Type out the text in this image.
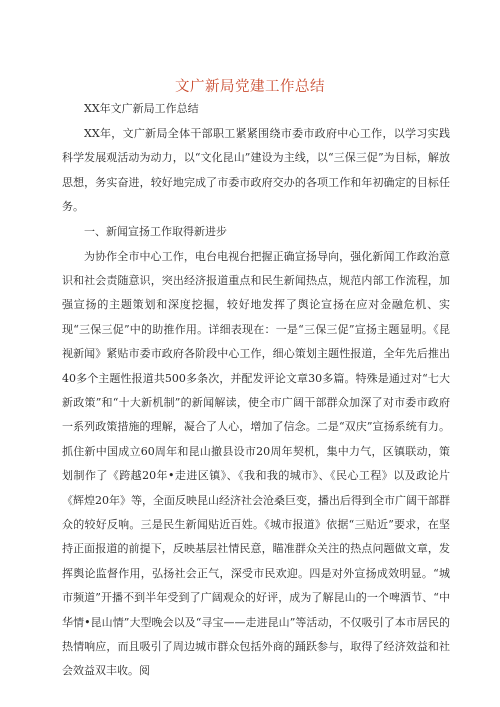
文广新局党建工作总结

XX年文广新局工作总结

XX年，文广新局全体干部职工紧紧围绕市委市政府中心工作，以学习实践科学发展观活动为动力，以“文化昆山”建设为主线，以“三保三促”为目标，解放思想，务实奋进，较好地完成了市委市政府交办的各项工作和年初确定的目标任务。

一、新闻宣扬工作取得新进步

为协作全市中心工作，电台电视台把握正确宣扬导向，强化新闻工作政治意识和社会责随意识，突出经济报道重点和民生新闻热点，规范内部工作流程，加强宣扬的主题策划和深度挖掘，较好地发挥了舆论宣扬在应对金融危机、实现“三保三促”中的助推作用。详细表现在：一是“三保三促”宣扬主题显明。《昆视新闻》紧贴市委市政府各阶段中心工作，细心策划主题性报道，全年先后推出40多个主题性报道共500多条次，并配发评论文章30多篇。特殊是通过对“七大新政策”和“十大新机制”的新闻解读，使全市广阔干部群众加深了对市委市政府一系列政策措施的理解，凝合了人心，增加了信念。二是“双庆”宣扬系统有力。抓住新中国成立60周年和昆山撤县设市20周年契机，集中力气，区镇联动，策划制作了《跨越20年•走进区镇》、《我和我的城市》、《民心工程》以及政论片《辉煌20年》等，全面反映昆山经济社会沧桑巨变，播出后得到全市广阔干部群众的较好反响。三是民生新闻贴近百姓。《城市报道》依据“三贴近”要求，在坚持正面报道的前提下，反映基层社情民意，瞄准群众关注的热点问题做文章，发挥舆论监督作用，弘扬社会正气，深受市民欢迎。四是对外宣扬成效明显。“城市频道”开播不到半年受到了广阔观众的好评，成为了解昆山的一个啤酒节、“中华情•昆山情”大型晚会以及“寻宝——走进昆山”等活动，不仅吸引了本市居民的热情响应，而且吸引了周边城市群众包括外商的踊跃参与，取得了经济效益和社会效益双丰收。阅
